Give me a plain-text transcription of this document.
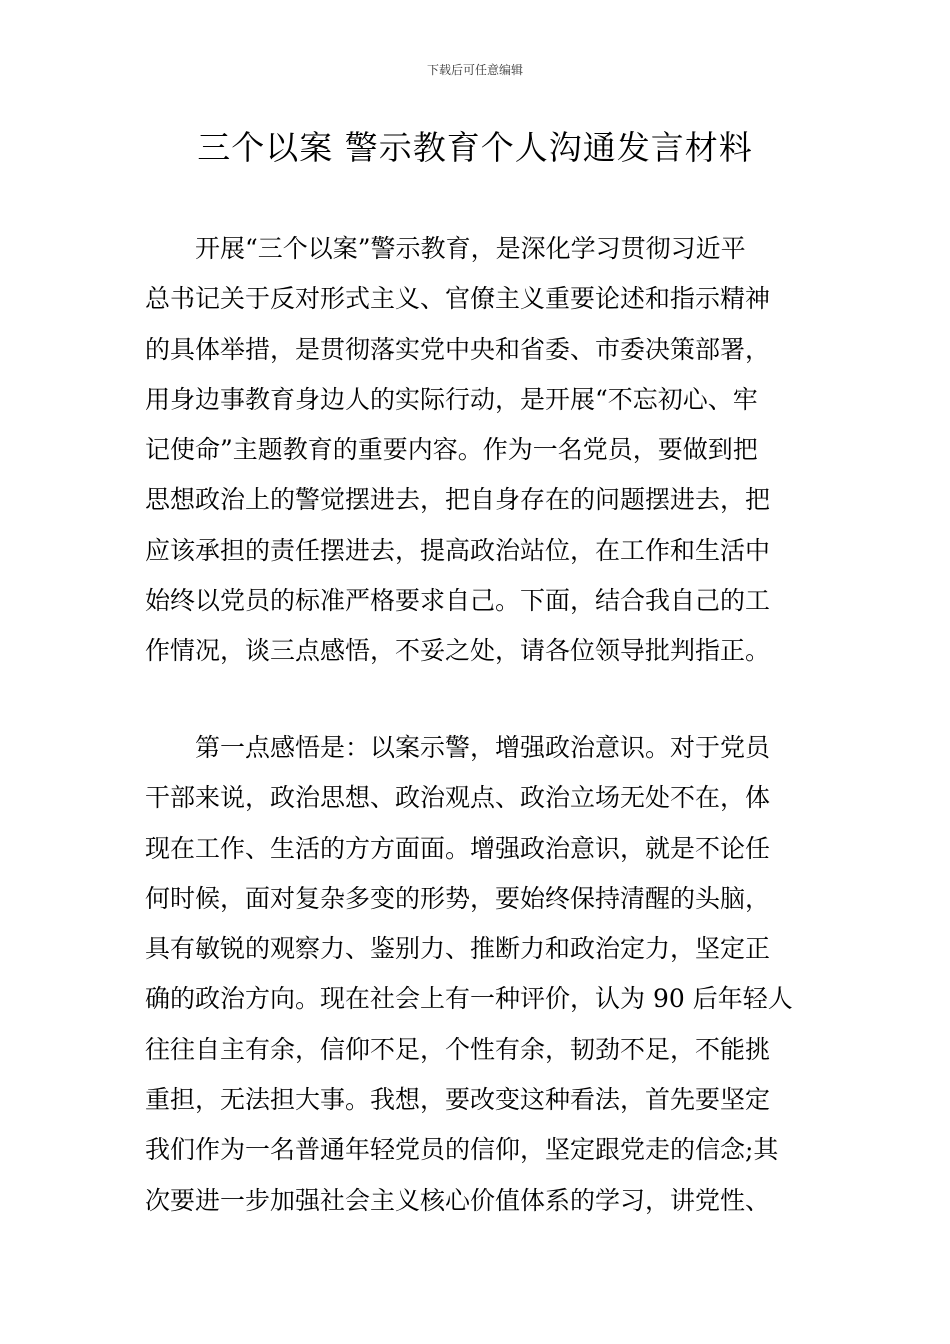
下载后可任意编辑
三个以案 警示教育个人沟通发言材料
　　开展“三个以案”警示教育，是深化学习贯彻习近平
总书记关于反对形式主义、官僚主义重要论述和指示精神
的具体举措，是贯彻落实党中央和省委、市委决策部署，
用身边事教育身边人的实际行动，是开展“不忘初心、牢
记使命”主题教育的重要内容。作为一名党员，要做到把
思想政治上的警觉摆进去，把自身存在的问题摆进去，把
应该承担的责任摆进去，提高政治站位，在工作和生活中
始终以党员的标准严格要求自己。下面，结合我自己的工
作情况，谈三点感悟，不妥之处，请各位领导批判指正。
　　第一点感悟是：以案示警，增强政治意识。对于党员
干部来说，政治思想、政治观点、政治立场无处不在，体
现在工作、生活的方方面面。增强政治意识，就是不论任
何时候，面对复杂多变的形势，要始终保持清醒的头脑，
具有敏锐的观察力、鉴别力、推断力和政治定力，坚定正
确的政治方向。现在社会上有一种评价，认为 90 后年轻人
往往自主有余，信仰不足，个性有余，韧劲不足，不能挑
重担，无法担大事。我想，要改变这种看法，首先要坚定
我们作为一名普通年轻党员的信仰，坚定跟党走的信念;其
次要进一步加强社会主义核心价值体系的学习，讲党性、
